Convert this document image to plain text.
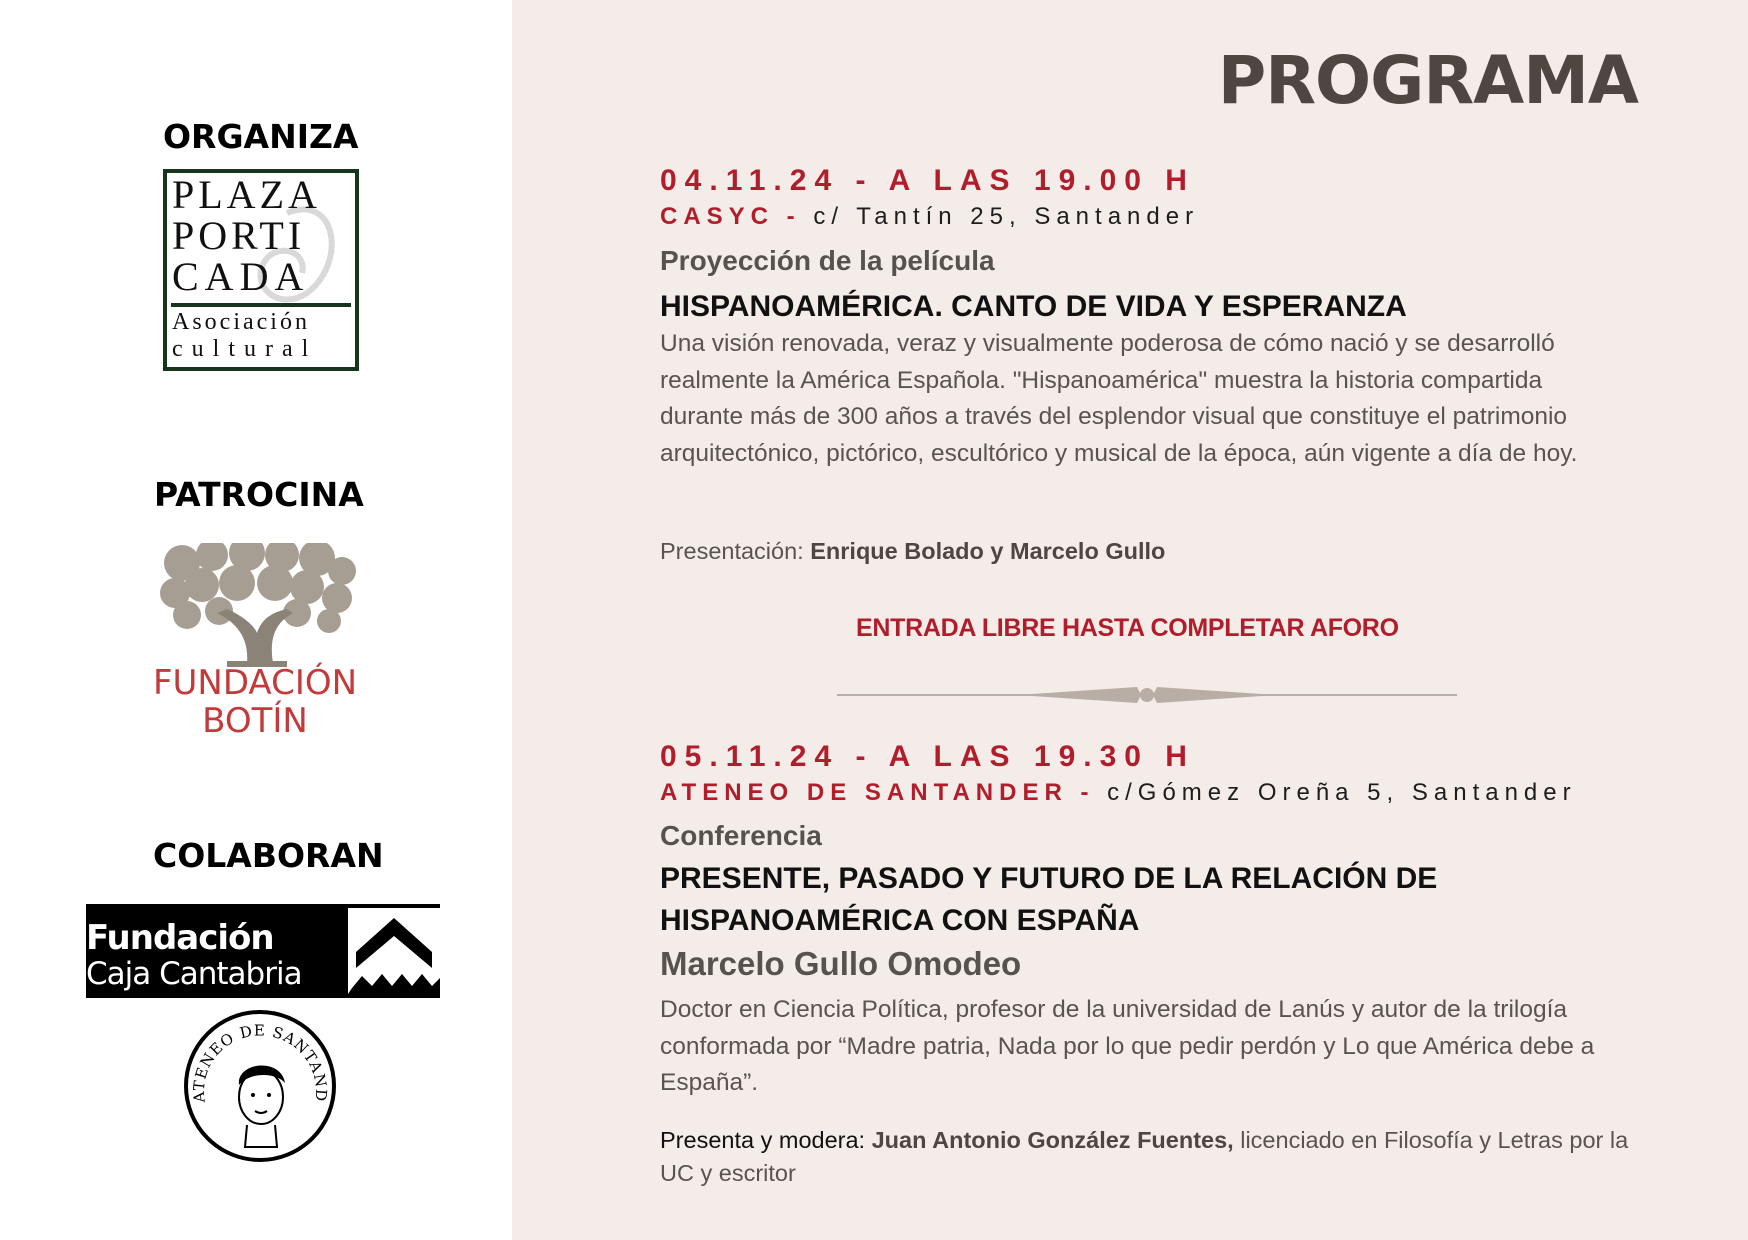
ORGANIZA
PLAZA
PORTI
CADA
Asociación
cultural
PATROCINA
FUNDACIÓN
BOTÍN
COLABORAN
Fundación
Caja Cantabria
ATENEO DE SANTAND
PROGRAMA
04.11.24 - A LAS 19.00 H
CASYC - c/ Tantín 25, Santander
Proyección de la película
HISPANOAMÉRICA. CANTO DE VIDA Y ESPERANZA
Una visión renovada, veraz y visualmente poderosa de cómo nació y se desarrolló realmente la América Española. "Hispanoamérica" muestra la historia compartida durante más de 300 años a través del esplendor visual que constituye el patrimonio arquitectónico, pictórico, escultórico y musical de la época, aún vigente a día de hoy.
Presentación: Enrique Bolado y Marcelo Gullo
ENTRADA LIBRE HASTA COMPLETAR AFORO
05.11.24 - A LAS 19.30 H
ATENEO DE SANTANDER - c/Gómez Oreña 5, Santander
Conferencia
PRESENTE, PASADO Y FUTURO DE LA RELACIÓN DE HISPANOAMÉRICA CON ESPAÑA
Marcelo Gullo Omodeo
Doctor en Ciencia Política, profesor de la universidad de Lanús y autor de la trilogía conformada por “Madre patria, Nada por lo que pedir perdón y Lo que América debe a España”.
Presenta y modera: Juan Antonio González Fuentes, licenciado en Filosofía y Letras por la UC y escritor
